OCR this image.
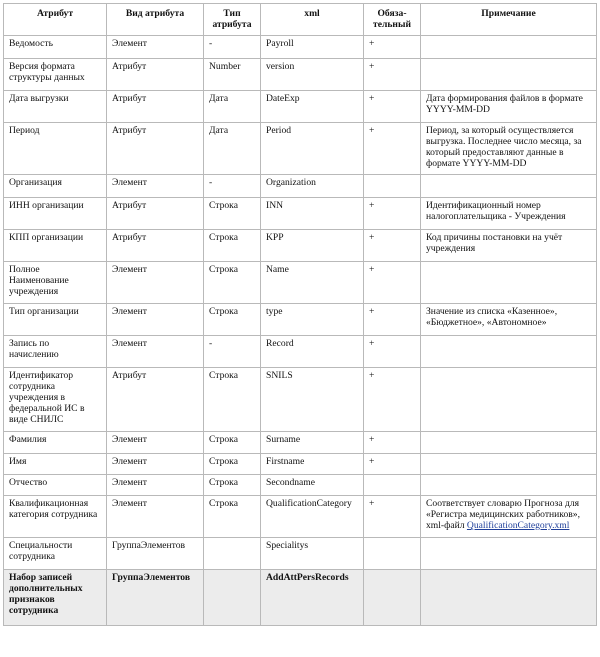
Атрибут	Вид атрибута	Тип атрибута	xml	Обяза-тельный	Примечание
Ведомость	Элемент	-	Payroll	+	
Версия формата структуры данных	Атрибут	Number	version	+	
Дата выгрузки	Атрибут	Дата	DateExp	+	Дата формирования файлов в формате YYYY-MM-DD
Период	Атрибут	Дата	Period	+	Период, за который осуществляется выгрузка. Последнее число месяца, за который предоставляют данные в формате YYYY-MM-DD
Организация	Элемент	-	Organization		
ИНН организации	Атрибут	Строка	INN	+	Идентификационный номер налогоплательщика - Учреждения
КПП организации	Атрибут	Строка	KPP	+	Код причины постановки на учёт учреждения
Полное Наименование учреждения	Элемент	Строка	Name	+	
Тип организации	Элемент	Строка	type	+	Значение из списка «Казенное», «Бюджетное», «Автономное»
Запись по начислению	Элемент	-	Record	+	
Идентификатор сотрудника учреждения в федеральной ИС в виде СНИЛС	Атрибут	Строка	SNILS	+	
Фамилия	Элемент	Строка	Surname	+	
Имя	Элемент	Строка	Firstname	+	
Отчество	Элемент	Строка	Secondname		
Квалификационная категория сотрудника	Элемент	Строка	QualificationCategory	+	Соответствует словарю Прогноза для «Регистра медицинских работников», xml-файл QualificationCategory.xml
Специальности сотрудника	ГруппаЭлементов		Specialitys		
Набор записей дополнительных признаков сотрудника	ГруппаЭлементов		AddAttPersRecords		
